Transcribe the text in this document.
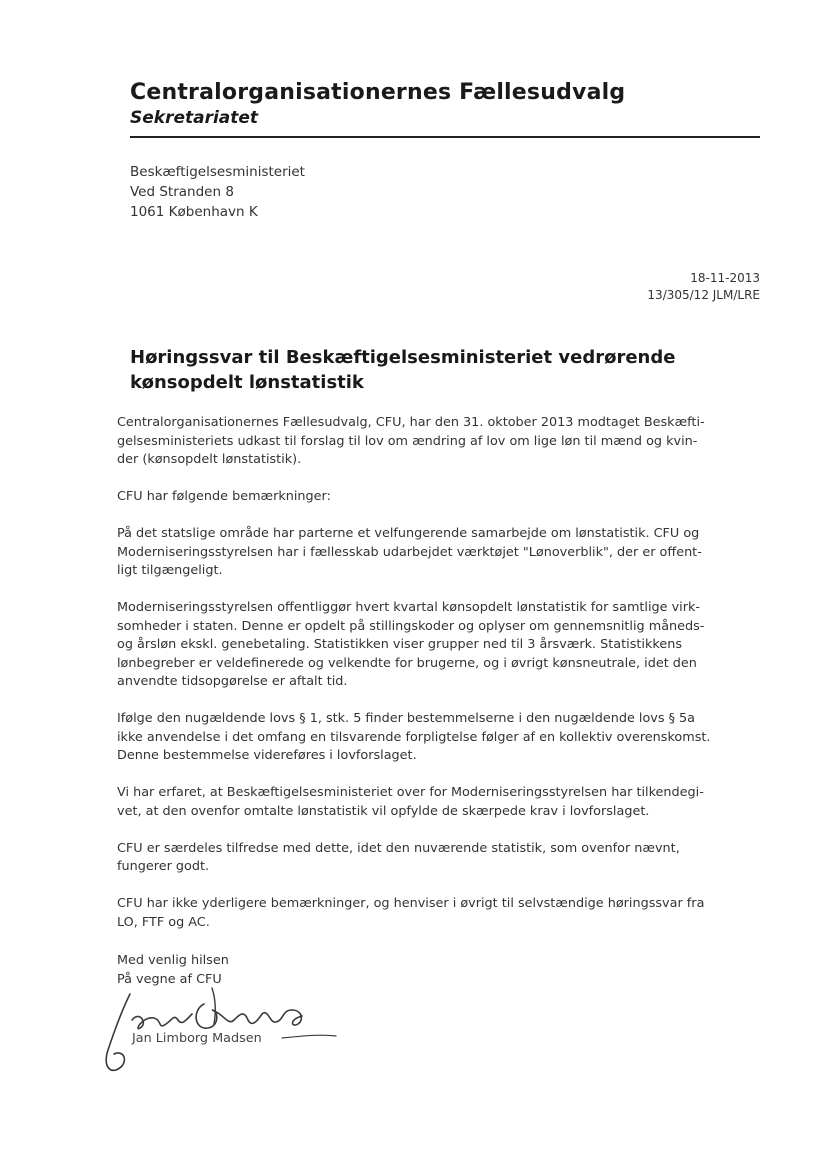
Centralorganisationernes Fællesudvalg
Sekretariatet
Beskæftigelsesministeriet
Ved Stranden 8
1061 København K
18-11-2013
13/305/12 JLM/LRE
Høringssvar til Beskæftigelsesministeriet vedrørende
kønsopdelt lønstatistik

Centralorganisationernes Fællesudvalg, CFU, har den 31. oktober 2013 modtaget Beskæfti-
gelsesministeriets udkast til forslag til lov om ændring af lov om lige løn til mænd og kvin-
der (kønsopdelt lønstatistik).

CFU har følgende bemærkninger:

På det statslige område har parterne et velfungerende samarbejde om lønstatistik. CFU og
Moderniseringsstyrelsen har i fællesskab udarbejdet værktøjet "Lønoverblik", der er offent-
ligt tilgængeligt.

Moderniseringsstyrelsen offentliggør hvert kvartal kønsopdelt lønstatistik for samtlige virk-
somheder i staten. Denne er opdelt på stillingskoder og oplyser om gennemsnitlig måneds-
og årsløn ekskl. genebetaling. Statistikken viser grupper ned til 3 årsværk. Statistikkens
lønbegreber er veldefinerede og velkendte for brugerne, og i øvrigt kønsneutrale, idet den
anvendte tidsopgørelse er aftalt tid.

Ifølge den nugældende lovs § 1, stk. 5 finder bestemmelserne i den nugældende lovs § 5a
ikke anvendelse i det omfang en tilsvarende forpligtelse følger af en kollektiv overenskomst.
Denne bestemmelse videreføres i lovforslaget.

Vi har erfaret, at Beskæftigelsesministeriet over for Moderniseringsstyrelsen har tilkendegi-
vet, at den ovenfor omtalte lønstatistik vil opfylde de skærpede krav i lovforslaget.

CFU er særdeles tilfredse med dette, idet den nuværende statistik, som ovenfor nævnt,
fungerer godt.

CFU har ikke yderligere bemærkninger, og henviser i øvrigt til selvstændige høringssvar fra
LO, FTF og AC.

Med venlig hilsen
På vegne af CFU
Jan Limborg Madsen
